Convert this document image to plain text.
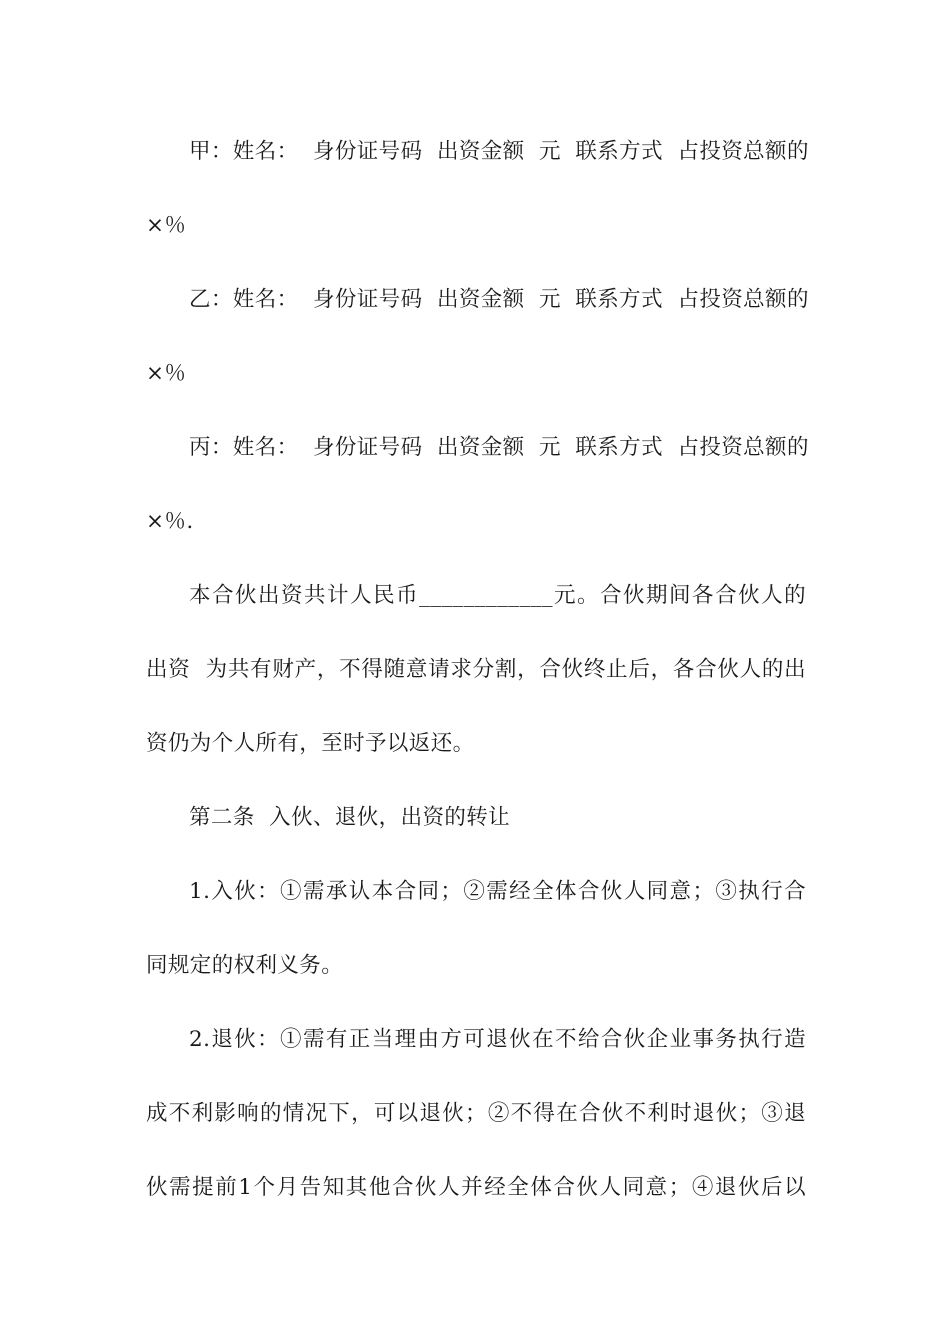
甲：姓名：  身份证号码  出资金额  元  联系方式  占投资总额的
×％
乙：姓名：  身份证号码  出资金额  元  联系方式  占投资总额的
×％
丙：姓名：  身份证号码  出资金额  元  联系方式  占投资总额的
×％.
本合伙出资共计人民币____________元。合伙期间各合伙人的
出资  为共有财产，不得随意请求分割，合伙终止后，各合伙人的出
资仍为个人所有，至时予以返还。
第二条  入伙、退伙，出资的转让
1.入伙：①需承认本合同；②需经全体合伙人同意；③执行合
同规定的权利义务。
2.退伙：①需有正当理由方可退伙在不给合伙企业事务执行造
成不利影响的情况下，可以退伙；②不得在合伙不利时退伙；③退
伙需提前1个月告知其他合伙人并经全体合伙人同意；④退伙后以
